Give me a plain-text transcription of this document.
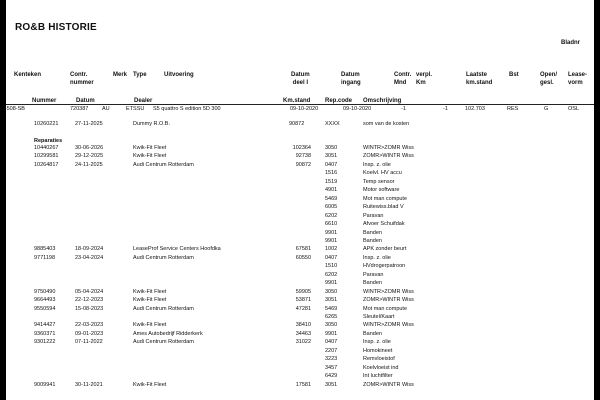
RO&B HISTORIE
Bladnr
Kenteken	Contr.
nummer
Merk Type	Uitvoering	Datum
deel I
Datum
ingang
Contr.
Mnd
verpl.
Km
Laatste
km.stand
Bst	Open/
gesl.
Lease-
vorm
Nummer	Datum	Dealer	Km.stand Rep.code Omschrijving
J-508-SB	720387 AU	ETSSU S5 quattro S edition 5D 300	09-10-2020	09-10-2020	-1	-1	102.703	RES	G	OSL
10260221	27-11-2025	Dummy R.O.B.	90872	XXXX	som van de kosten
Reparaties
10440267	30-06-2026	Kwik-Fit Fleet	102364	3050	WINTR>ZOMR Wiss
10299581	29-12-2025	Kwik-Fit Fleet	92738	3051	ZOMR>WINTR Wiss
10264817	24-11-2025	Audi Centrum Rotterdam	90872	0407	Insp. z. olie
1516	Koelvl. HV accu
1519	Temp sensor
4901	Motor software
5469	Mot man compute
6005	Ruitewiss.blad V
6202	Paravan
6610	Afvoer Schuifdak
9901	Banden
9901	Banden
9885403	18-09-2024	LeaseProf Service Centers Hoofdka	67581	1002	APK zonder beurt
9771198	23-04-2024	Audi Centrum Rotterdam	60550	0407	Insp. z. olie
1510	HVdrogerpatroon
6202	Paravan
9901	Banden
9750490	05-04-2024	Kwik-Fit Fleet	59905	3050	WINTR>ZOMR Wiss
9664493	22-12-2023	Kwik-Fit Fleet	53871	3051	ZOMR>WINTR Wiss
9550594	15-08-2023	Audi Centrum Rotterdam	47281	5469	Mot man compute
6265	Sleutel/Kaart
9414427	22-03-2023	Kwik-Fit Fleet	38410	3050	WINTR>ZOMR Wiss
9360371	09-01-2023	Ames Autobedrijf Ridderkerk	34463	9901	Banden
9301222	07-11-2022	Audi Centrum Rotterdam	31022	0407	Insp. z. olie
2207	Homokineet
3223	Remvloeistof
3457	Koelvloeist ind
6429	Int luchtfilter
9009941	30-11-2021	Kwik-Fit Fleet	17581	3051	ZOMR>WINTR Wiss
